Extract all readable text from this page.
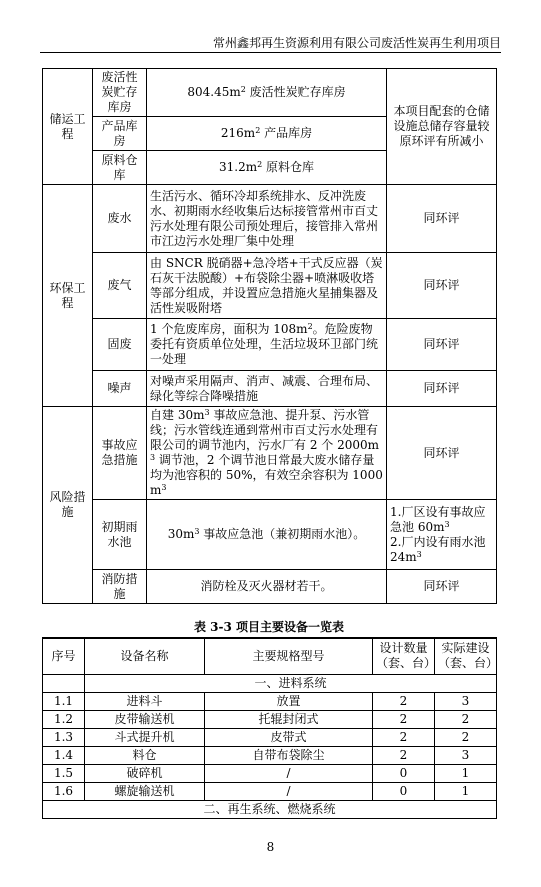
常州鑫邦再生资源利用有限公司废活性炭再生利用项目
储运工程	废活性炭贮存库房	$804.45m^2$ 废活性炭贮存库房	本项目配套的仓储设施总储存容量较原环评有所减小
	产品库房	$216m^2$ 产品库房	
	原料仓库	$31.2m^2$ 原料仓库	
环保工程	废水	生活污水、循环冷却系统排水、反冲洗废水、初期雨水经收集后达标接管常州市百丈污水处理有限公司预处理后，接管排入常州市江边污水处理厂集中处理	同环评
	废气	由 SNCR 脱硝器+急冷塔+干式反应器（炭石灰干法脱酸）+布袋除尘器+喷淋吸收塔等部分组成，并设置应急措施火星捕集器及活性炭吸附塔	同环评
	固废	1 个危废库房，面积为 $108m^2$。危险废物委托有资质单位处理，生活垃圾环卫部门统一处理	同环评
	噪声	对噪声采用隔声、消声、减震、合理布局、绿化等综合降噪措施	同环评
风险措施	事故应急措施	自建 $30m^3$ 事故应急池、提升泵、污水管线；污水管线连通到常州市百丈污水处理有限公司的调节池内，污水厂有 2 个 $2000m^3$ 调节池，2 个调节池日常最大废水储存量均为池容积的 50%，有效空余容积为 $1000m^3$	同环评
	初期雨水池	$30m^3$ 事故应急池（兼初期雨水池）。	1.厂区设有事故应急池 $60m^3$
2.厂内设有雨水池 $24m^3$
	消防措施	消防栓及灭火器材若干。	同环评
表 3-3 项目主要设备一览表
序号	设备名称	主要规格型号	设计数量（套、台）	实际建设（套、台）
	一、进料系统			
1.1	进料斗	放置	2	3
1.2	皮带输送机	托辊封闭式	2	2
1.3	斗式提升机	皮带式	2	2
1.4	料仓	自带布袋除尘	2	3
1.5	破碎机	/	0	1
1.6	螺旋输送机	/	0	1
二、再生系统、燃烧系统				
8
